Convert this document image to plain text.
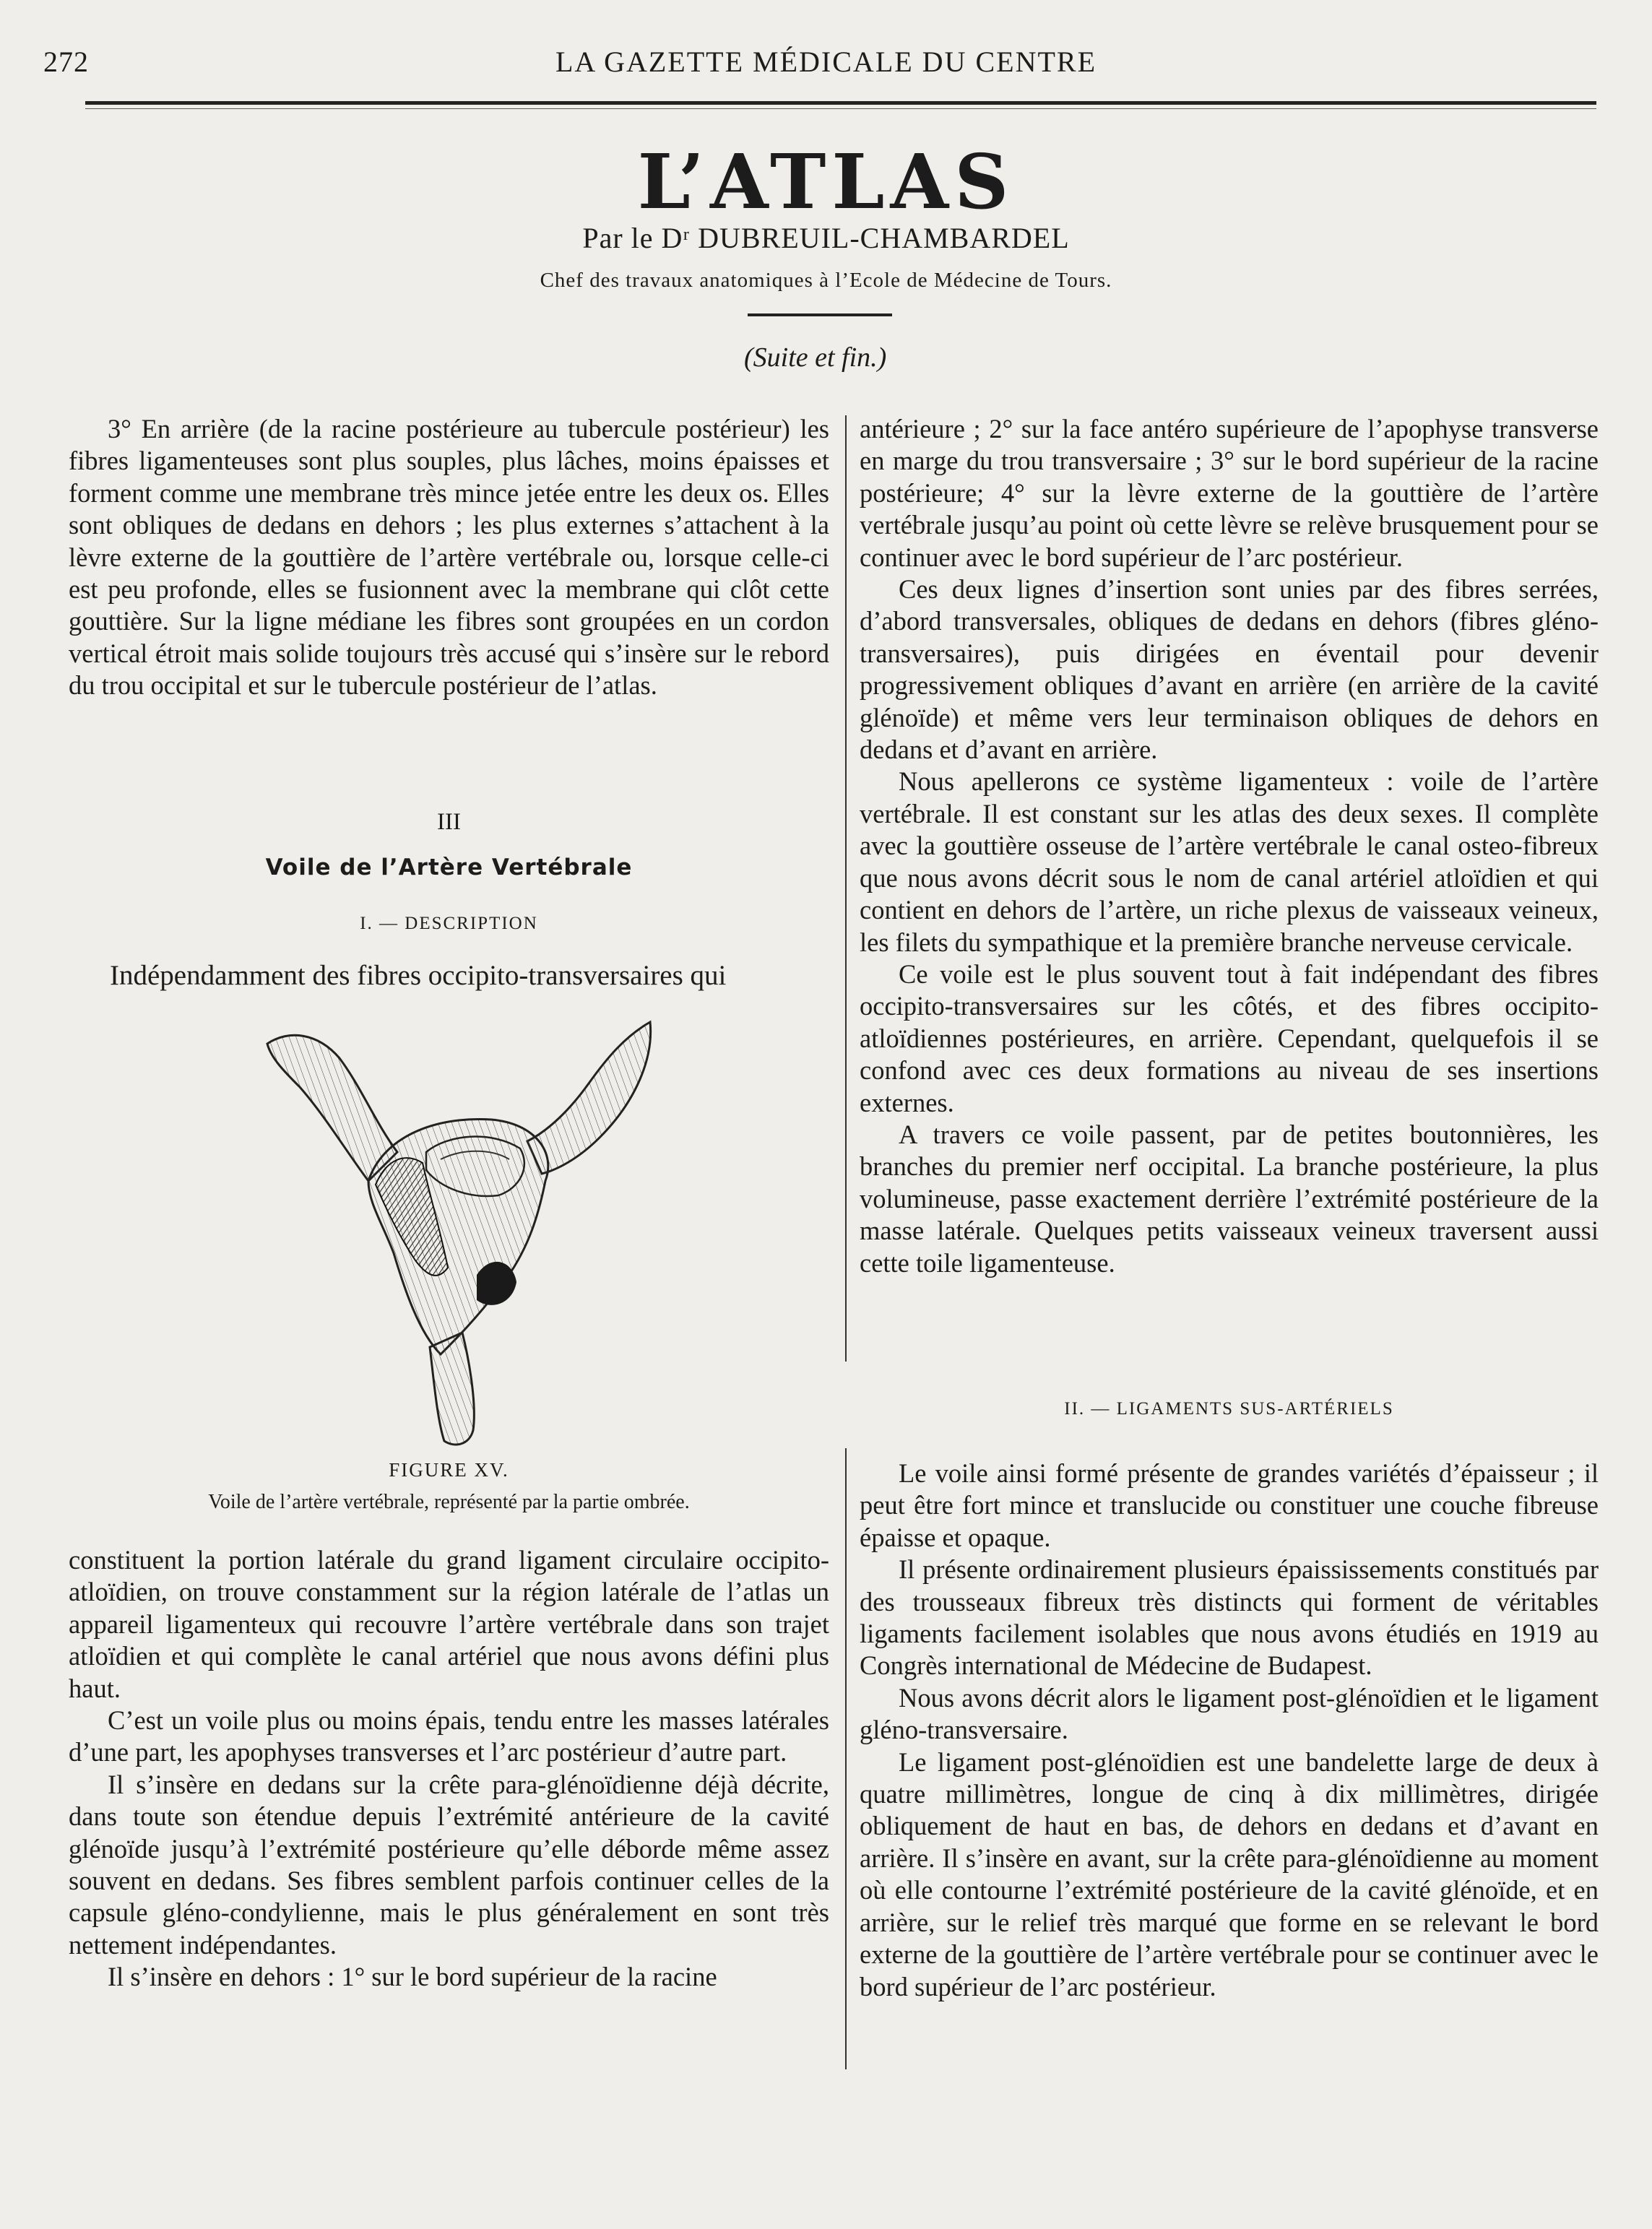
272	LA GAZETTE MÉDICALE DU CENTRE
L’ATLAS
Par le Dʳ DUBREUIL-CHAMBARDEL
Chef des travaux anatomiques à l’Ecole de Médecine de Tours.
(Suite et fin.)

3° En arrière (de la racine postérieure au tubercule postérieur) les fibres ligamenteuses sont plus souples, plus lâches, moins épaisses et forment comme une membrane très mince jetée entre les deux os. Elles sont obliques de dedans en dehors ; les plus externes s’attachent à la lèvre externe de la gouttière de l’artère vertébrale ou, lorsque celle-ci est peu profonde, elles se fusionnent avec la membrane qui clôt cette gouttière. Sur la ligne médiane les fibres sont groupées en un cordon vertical étroit mais solide toujours très accusé qui s’insère sur le rebord du trou occipital et sur le tubercule postérieur de l’atlas.

III
Voile de l’Artère Vertébrale
I. — DESCRIPTION
Indépendamment des fibres occipito-transversaires qui
FIGURE XV.
Voile de l’artère vertébrale, représenté par la partie ombrée.

constituent la portion latérale du grand ligament circulaire occipito-atloïdien, on trouve constamment sur la région latérale de l’atlas un appareil ligamenteux qui recouvre l’artère vertébrale dans son trajet atloïdien et qui complète le canal artériel que nous avons défini plus haut.

C’est un voile plus ou moins épais, tendu entre les masses latérales d’une part, les apophyses transverses et l’arc postérieur d’autre part.

Il s’insère en dedans sur la crête para-glénoïdienne déjà décrite, dans toute son étendue depuis l’extrémité antérieure de la cavité glénoïde jusqu’à l’extrémité postérieure qu’elle déborde même assez souvent en dedans. Ses fibres semblent parfois continuer celles de la capsule gléno-condylienne, mais le plus généralement en sont très nettement indépendantes.

Il s’insère en dehors : 1° sur le bord supérieur de la racine

antérieure ; 2° sur la face antéro supérieure de l’apophyse transverse en marge du trou transversaire ; 3° sur le bord supérieur de la racine postérieure; 4° sur la lèvre externe de la gouttière de l’artère vertébrale jusqu’au point où cette lèvre se relève brusquement pour se continuer avec le bord supérieur de l’arc postérieur.

Ces deux lignes d’insertion sont unies par des fibres serrées, d’abord transversales, obliques de dedans en dehors (fibres gléno-transversaires), puis dirigées en éventail pour devenir progressivement obliques d’avant en arrière (en arrière de la cavité glénoïde) et même vers leur terminaison obliques de dehors en dedans et d’avant en arrière.

Nous apellerons ce système ligamenteux : voile de l’artère vertébrale. Il est constant sur les atlas des deux sexes. Il complète avec la gouttière osseuse de l’artère vertébrale le canal osteo-fibreux que nous avons décrit sous le nom de canal artériel atloïdien et qui contient en dehors de l’artère, un riche plexus de vaisseaux veineux, les filets du sympathique et la première branche nerveuse cervicale.

Ce voile est le plus souvent tout à fait indépendant des fibres occipito-transversaires sur les côtés, et des fibres occipito-atloïdiennes postérieures, en arrière. Cependant, quelquefois il se confond avec ces deux formations au niveau de ses insertions externes.

A travers ce voile passent, par de petites boutonnières, les branches du premier nerf occipital. La branche postérieure, la plus volumineuse, passe exactement derrière l’extrémité postérieure de la masse latérale. Quelques petits vaisseaux veineux traversent aussi cette toile ligamenteuse.

II. — LIGAMENTS SUS-ARTÉRIELS

Le voile ainsi formé présente de grandes variétés d’épaisseur ; il peut être fort mince et translucide ou constituer une couche fibreuse épaisse et opaque.

Il présente ordinairement plusieurs épaississements constitués par des trousseaux fibreux très distincts qui forment de véritables ligaments facilement isolables que nous avons étudiés en 1919 au Congrès international de Médecine de Budapest.

Nous avons décrit alors le ligament post-glénoïdien et le ligament gléno-transversaire.

Le ligament post-glénoïdien est une bandelette large de deux à quatre millimètres, longue de cinq à dix millimètres, dirigée obliquement de haut en bas, de dehors en dedans et d’avant en arrière. Il s’insère en avant, sur la crête para-glénoïdienne au moment où elle contourne l’extrémité postérieure de la cavité glénoïde, et en arrière, sur le relief très marqué que forme en se relevant le bord externe de la gouttière de l’artère vertébrale pour se continuer avec le bord supérieur de l’arc postérieur.
